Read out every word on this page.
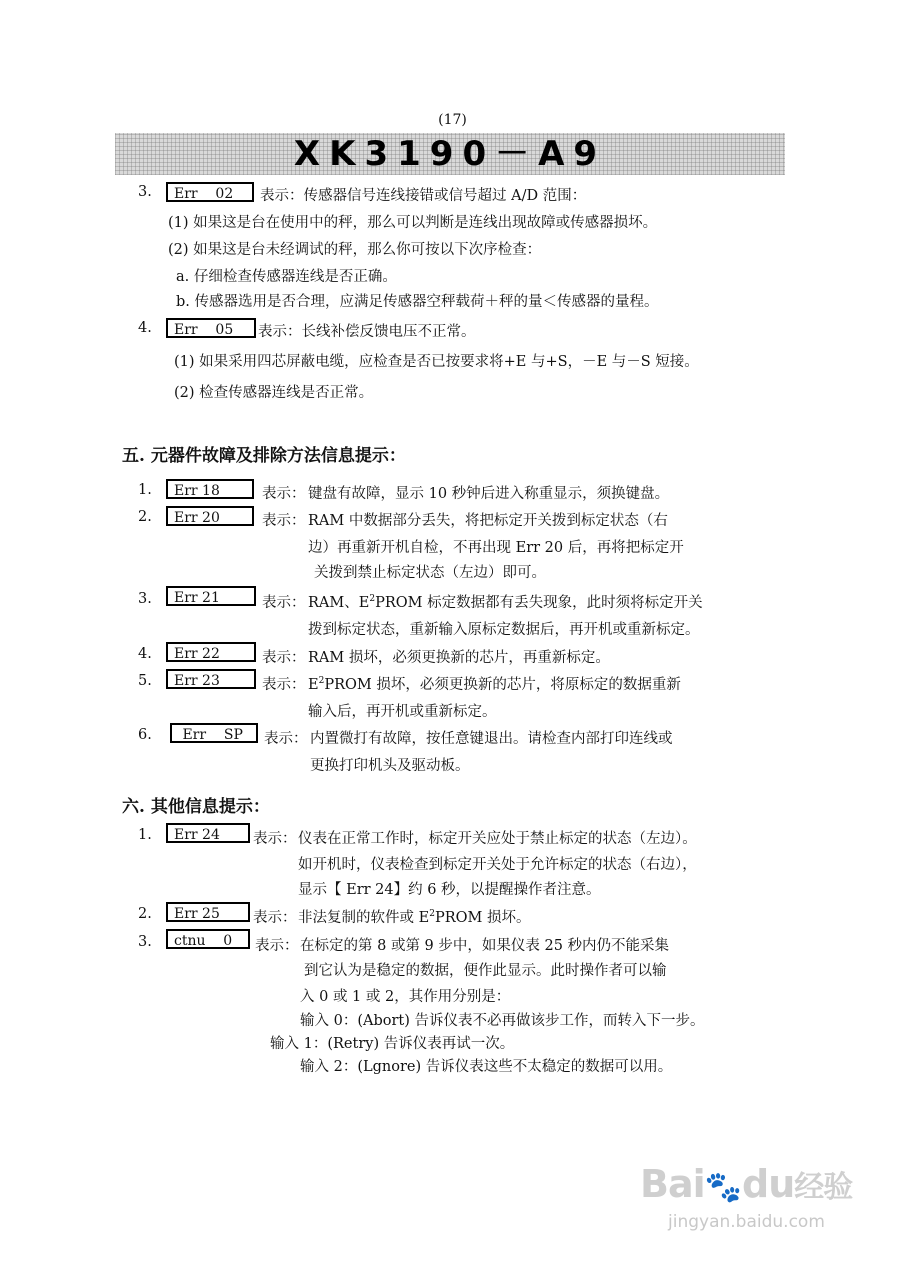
(17)
XK3190－A9
3.	Err    02	表示：传感器信号连线接错或信号超过 A/D 范围：
(1) 如果这是台在使用中的秤，那么可以判断是连线出现故障或传感器损坏。
(2) 如果这是台未经调试的秤，那么你可按以下次序检查：
a. 仔细检查传感器连线是否正确。
b. 传感器选用是否合理，应满足传感器空秤载荷＋秤的量＜传感器的量程。
4.	Err    05	表示：长线补偿反馈电压不正常。
(1) 如果采用四芯屏蔽电缆，应检查是否已按要求将+E 与+S，－E 与－S 短接。
(2) 检查传感器连线是否正常。
五. 元器件故障及排除方法信息提示：
1.	Err 18	表示： 键盘有故障，显示 10 秒钟后进入称重显示，须换键盘。
2.	Err 20	表示： RAM 中数据部分丢失，将把标定开关拨到标定状态（右
边）再重新开机自检，不再出现 Err 20 后，再将把标定开
关拨到禁止标定状态（左边）即可。
3.	Err 21	表示： RAM、$E^2PROM$ 标定数据都有丢失现象，此时须将标定开关
拨到标定状态，重新输入原标定数据后，再开机或重新标定。
4.	Err 22	表示： RAM 损坏，必须更换新的芯片，再重新标定。
5.	Err 23	表示： $E^2PROM$ 损坏，必须更换新的芯片，将原标定的数据重新
输入后，再开机或重新标定。
6.	Err    SP	表示： 内置微打有故障，按任意键退出。请检查内部打印连线或
更换打印机头及驱动板。
六. 其他信息提示：
1.	Err 24	表示： 仪表在正常工作时，标定开关应处于禁止标定的状态（左边）。
如开机时，仪表检查到标定开关处于允许标定的状态（右边），
显示【 Err 24】约 6 秒，以提醒操作者注意。
2.	Err 25	表示： 非法复制的软件或 $E^2PROM$ 损坏。
3.	ctnu    0	表示： 在标定的第 8 或第 9 步中，如果仪表 25 秒内仍不能采集
到它认为是稳定的数据，便作此显示。此时操作者可以输
入 0 或 1 或 2，其作用分别是：
输入 0：(Abort) 告诉仪表不必再做该步工作，而转入下一步。
输入 1：(Retry) 告诉仪表再试一次。
输入 2：(Lgnore) 告诉仪表这些不太稳定的数据可以用。
Bai🐾du经验
jingyan.baidu.com
